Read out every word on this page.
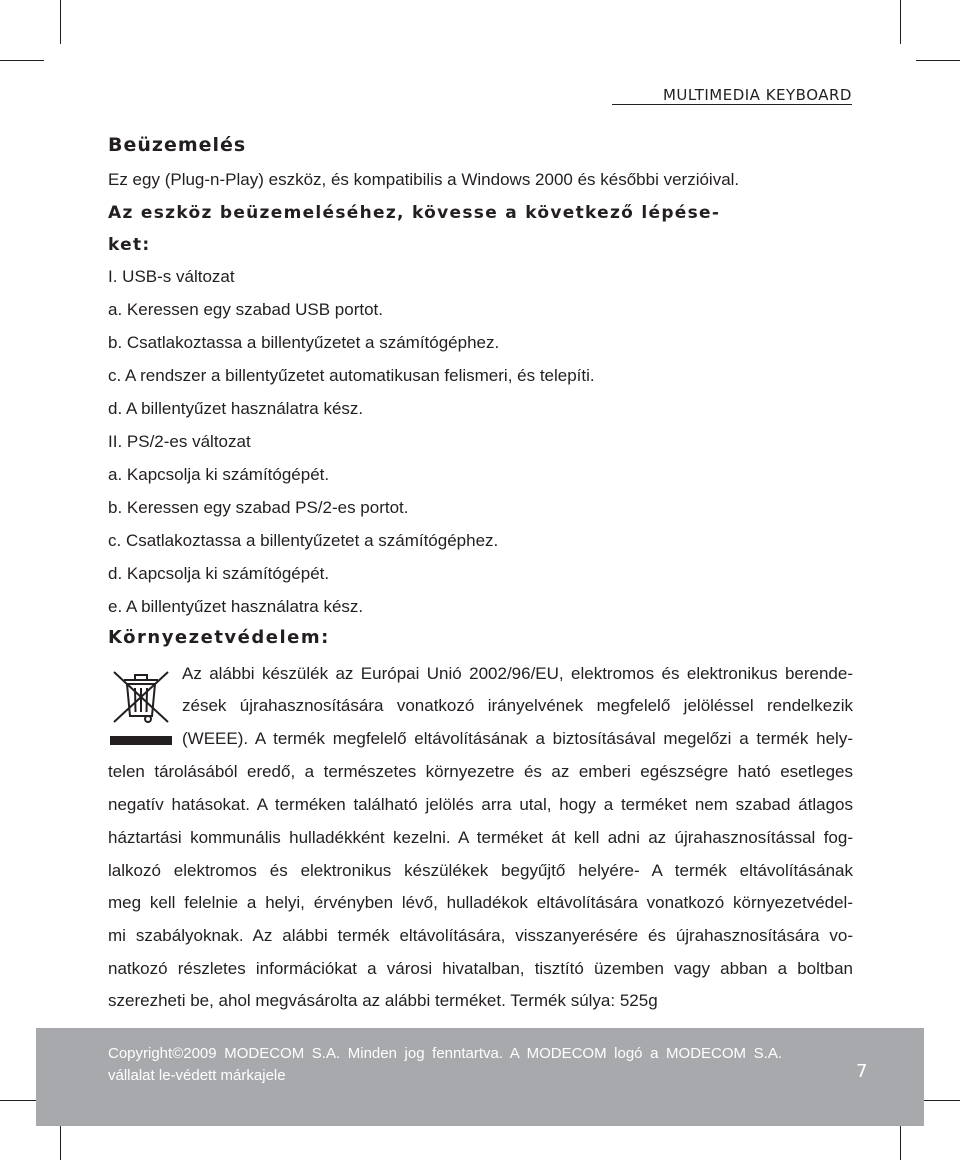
MULTIMEDIA KEYBOARD
Beüzemelés
Ez egy (Plug-n-Play) eszköz, és kompatibilis a Windows 2000 és későbbi verzióival.
Az eszköz beüzemeléséhez, kövesse a következő lépése-
ket:
I. USB-s változat
a. Keressen egy szabad USB portot.
b. Csatlakoztassa a billentyűzetet a számítógéphez.
c. A rendszer a billentyűzetet automatikusan felismeri, és telepíti.
d. A billentyűzet használatra kész.
II. PS/2-es változat
a. Kapcsolja ki számítógépét.
b. Keressen egy szabad PS/2-es portot.
c. Csatlakoztassa a billentyűzetet a számítógéphez.
d. Kapcsolja ki számítógépét.
e. A billentyűzet használatra kész.
Környezetvédelem:
Az alábbi készülék az Európai Unió 2002/96/EU, elektromos és elektronikus berende-
zések újrahasznosítására vonatkozó irányelvének megfelelő jelöléssel rendelkezik
(WEEE). A termék megfelelő eltávolításának a biztosításával megelőzi a termék hely-
telen tárolásából eredő, a természetes környezetre és az emberi egészségre ható esetleges
negatív hatásokat. A terméken található jelölés arra utal, hogy a terméket nem szabad átlagos
háztartási kommunális hulladékként kezelni. A terméket át kell adni az újrahasznosítással fog-
lalkozó elektromos és elektronikus készülékek begyűjtő helyére- A termék eltávolításának
meg kell felelnie a helyi, érvényben lévő, hulladékok eltávolítására vonatkozó környezetvédel-
mi szabályoknak. Az alábbi termék eltávolítására, visszanyerésére és újrahasznosítására vo-
natkozó részletes információkat a városi hivatalban, tisztító üzemben vagy abban a boltban
szerezheti be, ahol megvásárolta az alábbi terméket. Termék súlya: 525g
Copyright©2009 MODECOM S.A. Minden jog fenntartva. A MODECOM logó a MODECOM S.A. vállalat le-védett márkajele	7
